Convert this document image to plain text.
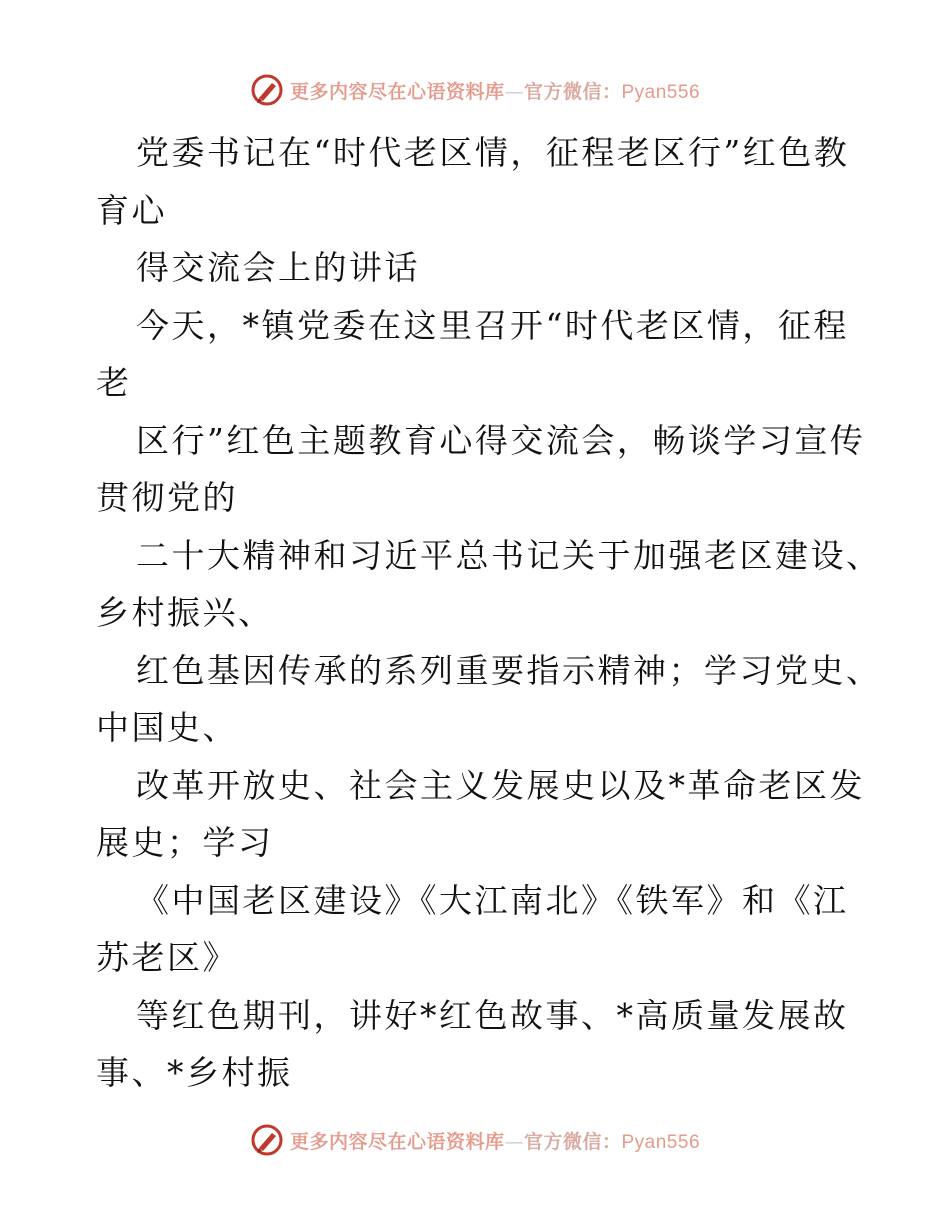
更多内容尽在心语资料库—官方微信：Pyan556
党委书记在“时代老区情，征程老区行”红色教
育心
得交流会上的讲话
今天，*镇党委在这里召开“时代老区情，征程
老
区行”红色主题教育心得交流会，畅谈学习宣传
贯彻党的
二十大精神和习近平总书记关于加强老区建设、
乡村振兴、
红色基因传承的系列重要指示精神；学习党史、
中国史、
改革开放史、社会主义发展史以及*革命老区发
展史；学习
《中国老区建设》《大江南北》《铁军》和《江
苏老区》
等红色期刊，讲好*红色故事、*高质量发展故
事、*乡村振
更多内容尽在心语资料库—官方微信：Pyan556
